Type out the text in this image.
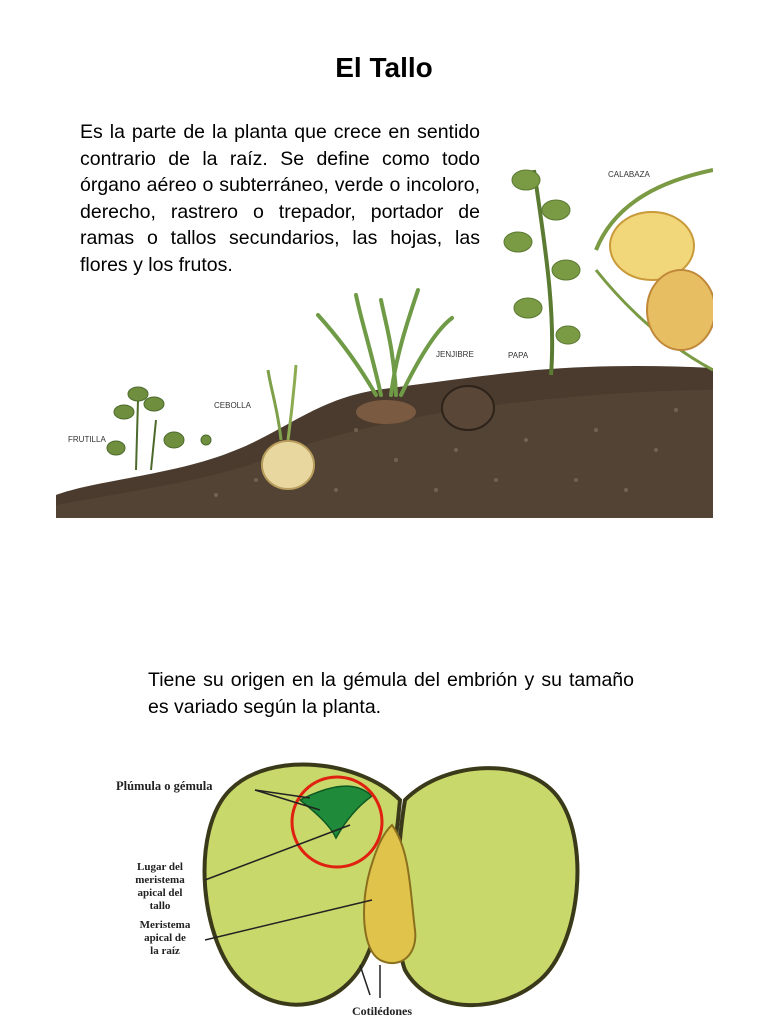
El Tallo

Es la parte de la planta que crece en sentido contrario de la raíz. Se define como todo órgano aéreo o subterráneo, verde o incoloro, derecho, rastrero o trepador, portador de ramas o tallos secundarios, las hojas, las flores y los frutos.

FRUTILLA
CEBOLLA
JENJIBRE	PAPA
CALABAZA

Tiene su origen en la gémula del embrión y su tamaño es variado según la planta.

Plúmula o gémula
Lugar del
meristema
apical del
tallo
Meristema
apical de
la raíz
Cotilédones
